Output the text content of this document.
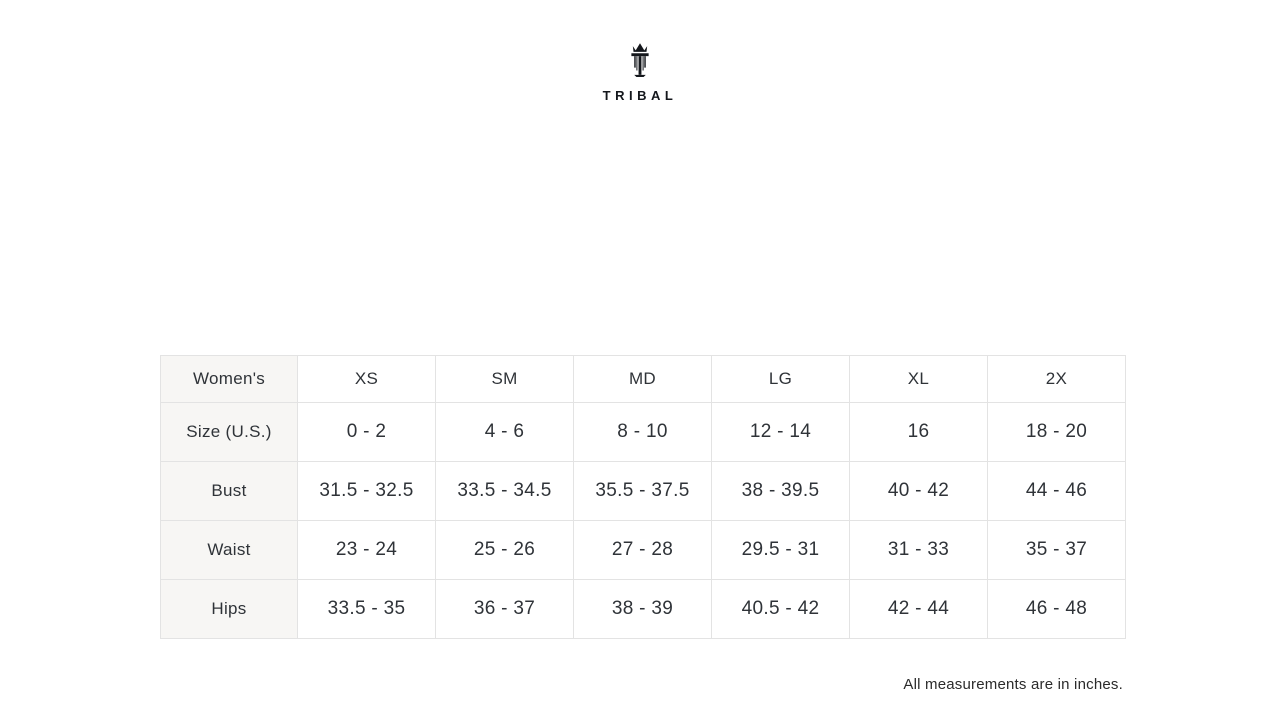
TRIBAL
Women's	XS	SM	MD	LG	XL	2X
Size (U.S.)	0 - 2	4 - 6	8 - 10	12 - 14	16	18 - 20
Bust	31.5 - 32.5	33.5 - 34.5	35.5 - 37.5	38 - 39.5	40 - 42	44 - 46
Waist	23 - 24	25 - 26	27 - 28	29.5 - 31	31 - 33	35 - 37
Hips	33.5 - 35	36 - 37	38 - 39	40.5 - 42	42 - 44	46 - 48
All measurements are in inches.
